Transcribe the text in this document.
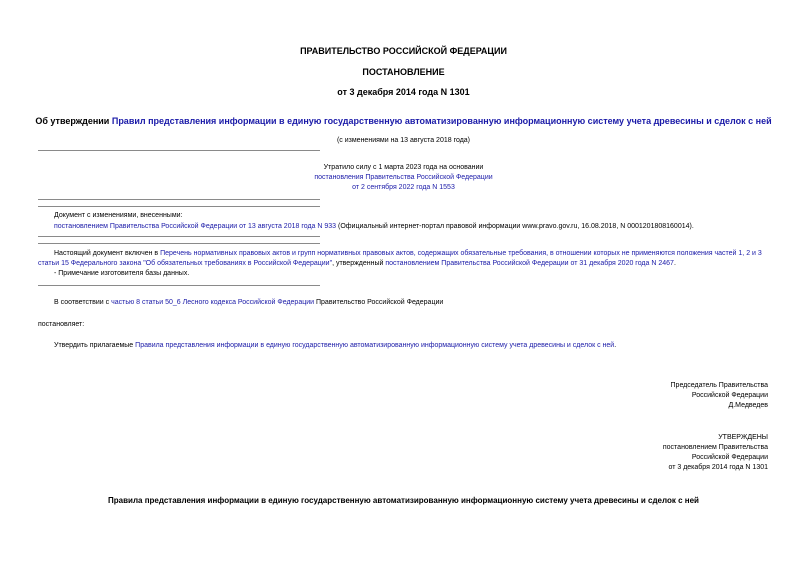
ПРАВИТЕЛЬСТВО РОССИЙСКОЙ ФЕДЕРАЦИИ
ПОСТАНОВЛЕНИЕ
от 3 декабря 2014 года N 1301
Об утверждении Правил представления информации в единую государственную автоматизированную информационную систему учета древесины и сделок с ней
(с изменениями на 13 августа 2018 года)
Утратило силу с 1 марта 2023 года на основании
постановления Правительства Российской Федерации
от 2 сентября 2022 года N 1553
Документ с изменениями, внесенными:
постановлением Правительства Российской Федерации от 13 августа 2018 года N 933 (Официальный интернет-портал правовой информации www.pravo.gov.ru, 16.08.2018, N 0001201808160014).
Настоящий документ включен в Перечень нормативных правовых актов и групп нормативных правовых актов, содержащих обязательные требования, в отношении которых не применяются положения частей 1, 2 и 3 статьи 15 Федерального закона "Об обязательных требованиях в Российской Федерации", утвержденный постановлением Правительства Российской Федерации от 31 декабря 2020 года N 2467.
- Примечание изготовителя базы данных.
В соответствии с частью 8 статьи 50_6 Лесного кодекса Российской Федерации Правительство Российской Федерации
постановляет:
Утвердить прилагаемые Правила представления информации в единую государственную автоматизированную информационную систему учета древесины и сделок с ней.
Председатель Правительства
Российской Федерации
Д.Медведев
УТВЕРЖДЕНЫ
постановлением Правительства
Российской Федерации
от 3 декабря 2014 года N 1301
Правила представления информации в единую государственную автоматизированную информационную систему учета древесины и сделок с ней
